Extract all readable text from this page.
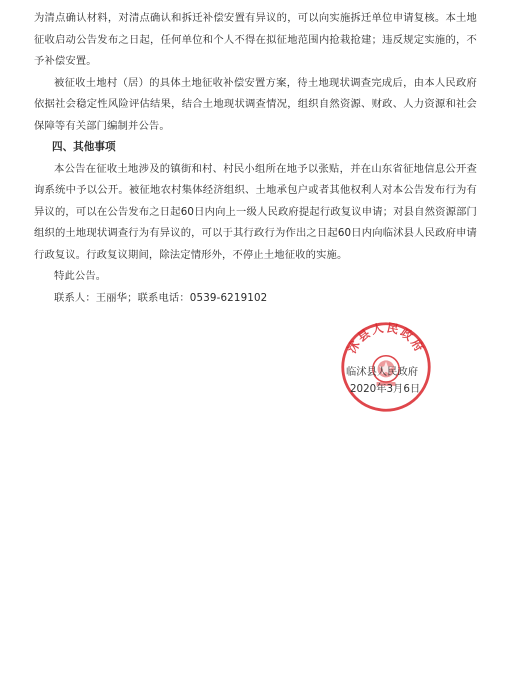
为清点确认材料，对清点确认和拆迁补偿安置有异议的，可以向实施拆迁单位申请复核。本土地征收启动公告发布之日起，任何单位和个人不得在拟征地范围内抢栽抢建；违反规定实施的，不予补偿安置。

被征收土地村（居）的具体土地征收补偿安置方案，待土地现状调查完成后，由本人民政府依据社会稳定性风险评估结果，结合土地现状调查情况，组织自然资源、财政、人力资源和社会保障等有关部门编制并公告。

四、其他事项

本公告在征收土地涉及的镇街和村、村民小组所在地予以张贴，并在山东省征地信息公开查询系统中予以公开。被征地农村集体经济组织、土地承包户或者其他权利人对本公告发布行为有异议的，可以在公告发布之日起60日内向上一级人民政府提起行政复议申请；对县自然资源部门组织的土地现状调查行为有异议的，可以于其行政行为作出之日起60日内向临沭县人民政府申请行政复议。行政复议期间，除法定情形外，不停止土地征收的实施。

特此公告。

联系人：王丽华；联系电话：0539-6219102

沭县人民政府

临沭县人民政府

2020年3月6日
